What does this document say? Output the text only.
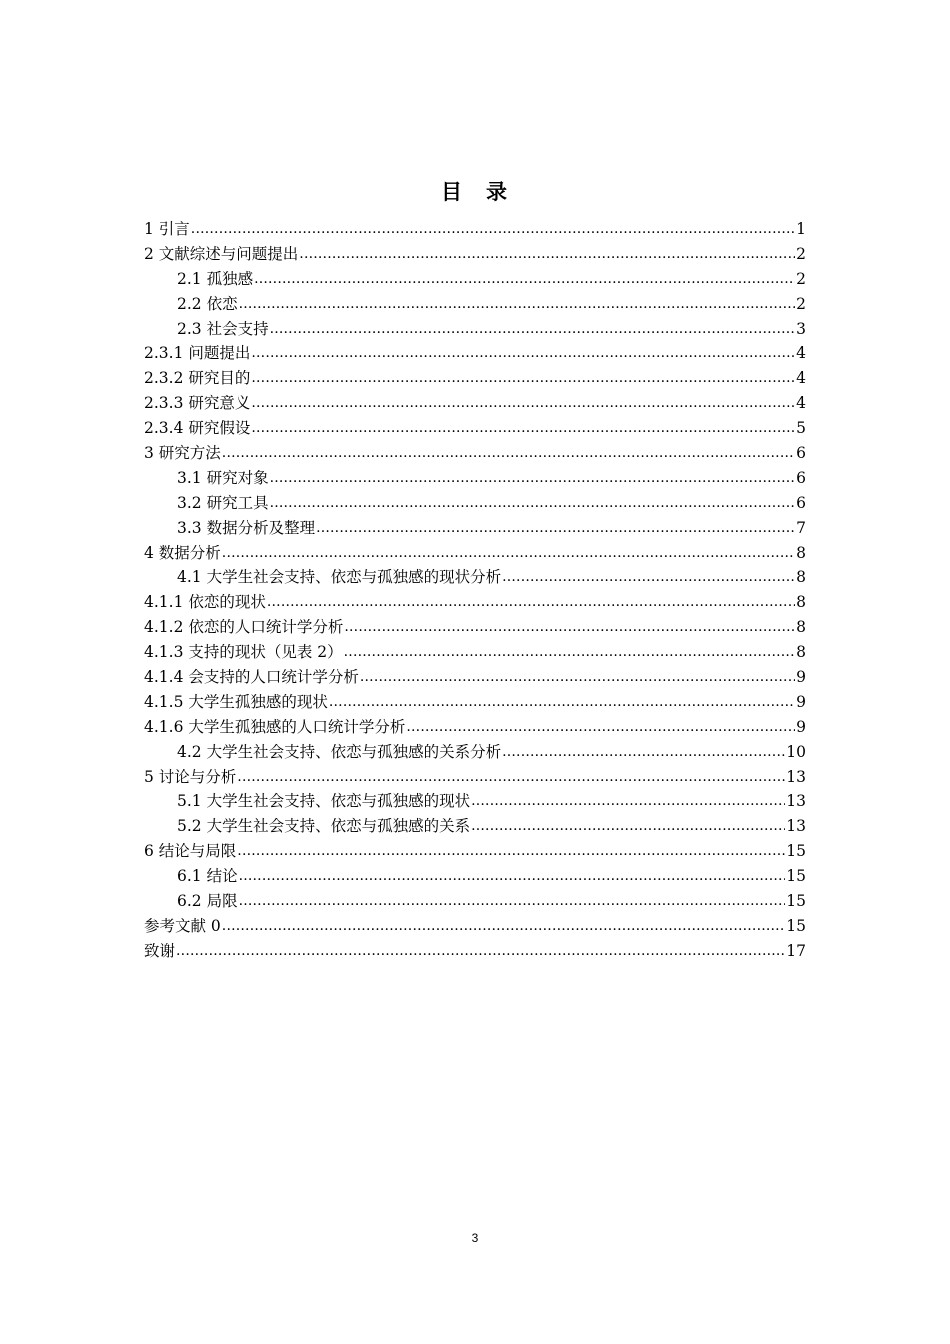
目 录
1 引言 .....	1
2 文献综述与问题提出 .....	2
2.1 孤独感 .....	2
2.2 依恋 .....	2
2.3 社会支持 .....	3
2.3.1 问题提出 .....	4
2.3.2 研究目的 .....	4
2.3.3 研究意义 .....	4
2.3.4 研究假设 .....	5
3 研究方法 .....	6
3.1 研究对象 .....	6
3.2 研究工具 .....	6
3.3 数据分析及整理 .....	7
4 数据分析 .....	8
4.1 大学生社会支持、依恋与孤独感的现状分析 .....	8
4.1.1 依恋的现状 .....	8
4.1.2 依恋的人口统计学分析 .....	8
4.1.3 支持的现状（见表 2） .....	8
4.1.4 会支持的人口统计学分析 .....	9
4.1.5 大学生孤独感的现状 .....	9
4.1.6 大学生孤独感的人口统计学分析 .....	9
4.2 大学生社会支持、依恋与孤独感的关系分析 .....	10
5 讨论与分析 .....	13
5.1 大学生社会支持、依恋与孤独感的现状 .....	13
5.2 大学生社会支持、依恋与孤独感的关系 .....	13
6 结论与局限 .....	15
6.1 结论 .....	15
6.2 局限 .....	15
参考文献 0 .....	15
致谢 .....	17
3
